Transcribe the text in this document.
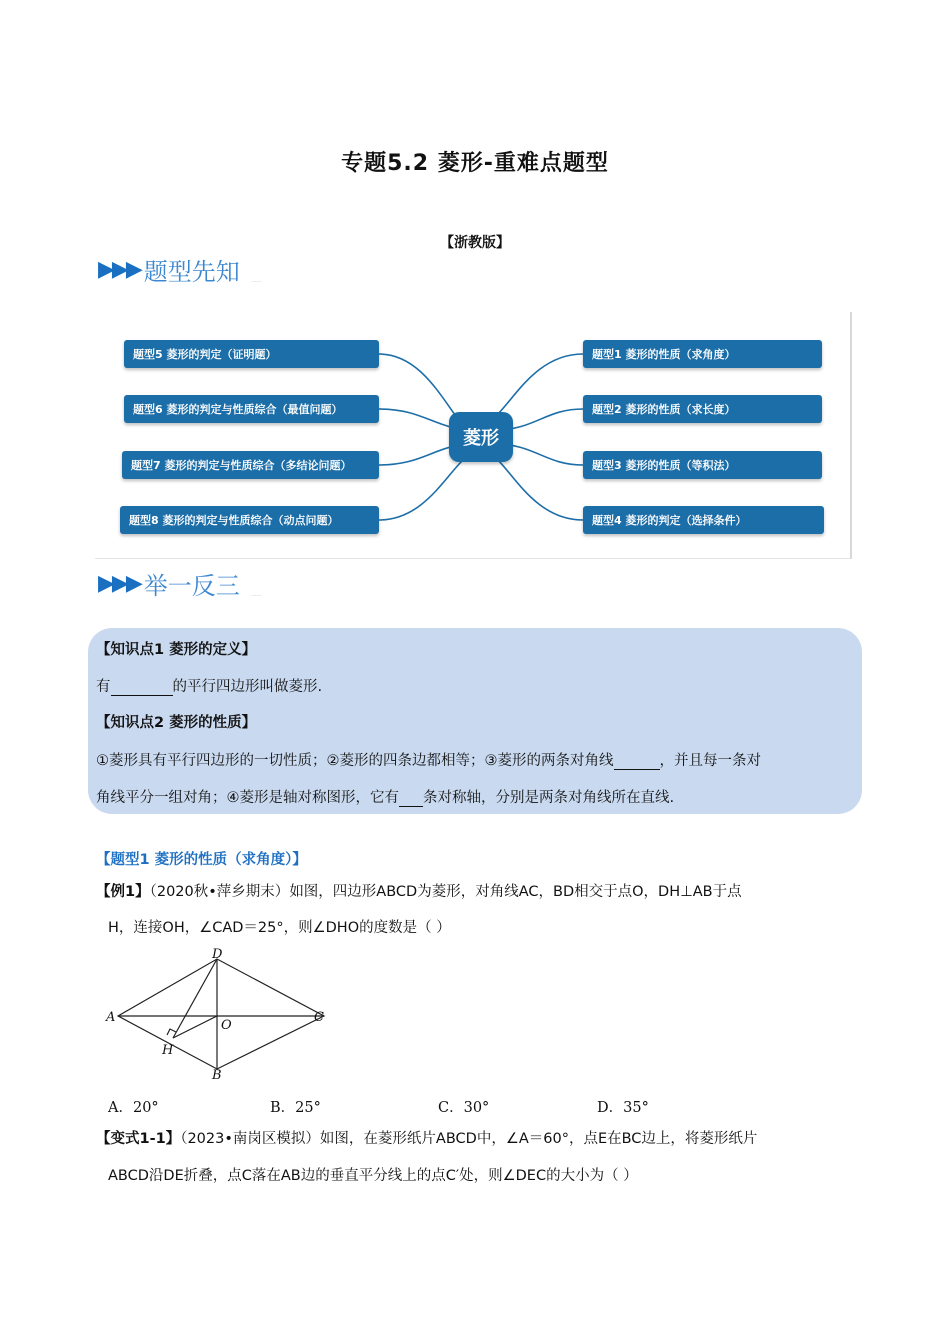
专题5.2 菱形-重难点题型
【浙教版】
▶▶▶ 题型先知 ……
题型5 菱形的判定（证明题）
题型6 菱形的判定与性质综合（最值问题）
题型7 菱形的判定与性质综合（多结论问题）
题型8 菱形的判定与性质综合（动点问题）
题型1 菱形的性质（求角度）
题型2 菱形的性质（求长度）
题型3 菱形的性质（等积法）
题型4 菱形的判定（选择条件）
菱形
▶▶▶ 举一反三 ……
【知识点1 菱形的定义】
有	的平行四边形叫做菱形.
【知识点2 菱形的性质】
①菱形具有平行四边形的一切性质；②菱形的四条边都相等；③菱形的两条对角线	，并且每一条对
角线平分一组对角；④菱形是轴对称图形，它有 条对称轴，分别是两条对角线所在直线.
【题型1 菱形的性质（求角度）】
【例1】（2020秋•萍乡期末）如图，四边形ABCD为菱形，对角线AC，BD相交于点O，DH⊥AB于点
H，连接OH，∠CAD＝25°，则∠DHO的度数是（ ）
A
D
C
B
O
H
A．20°	B．25°	C．30°	D．35°
【变式1-1】（2023•南岗区模拟）如图，在菱形纸片ABCD中，∠A＝60°，点E在BC边上，将菱形纸片
ABCD沿DE折叠，点C落在AB边的垂直平分线上的点C′处，则∠DEC的大小为（ ）
